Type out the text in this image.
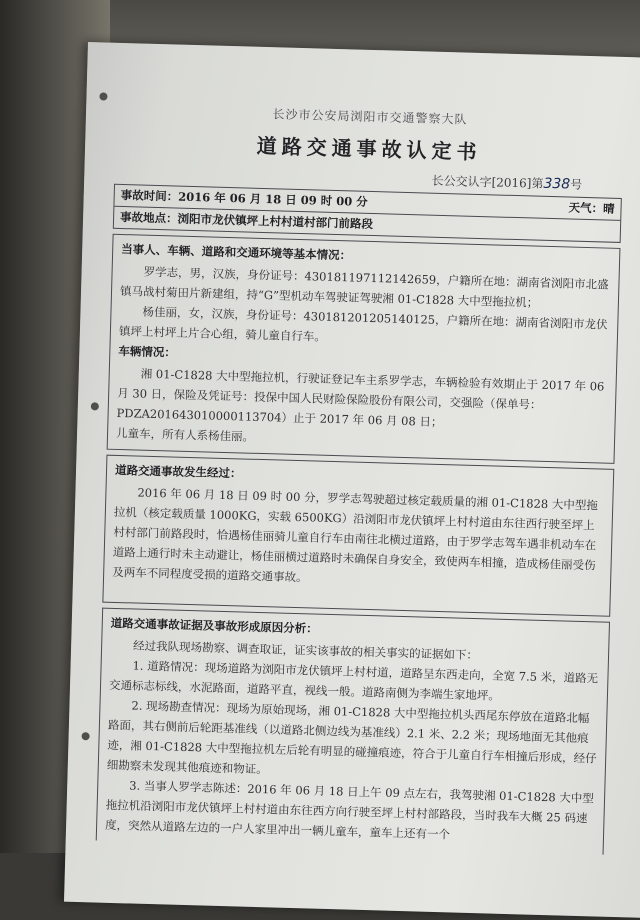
长沙市公安局浏阳市交通警察大队
道路交通事故认定书
长公交认字[2016]第338号
事故时间：2016 年 06 月 18 日 09 时 00 分	天气：晴
事故地点：浏阳市龙伏镇坪上村村道村部门前路段
当事人、车辆、道路和交通环境等基本情况：

罗学志，男，汉族，身份证号：430181197112142659，户籍所在地：湖南省浏阳市北盛镇马战村菊田片新建组，持“G”型机动车驾驶证驾驶湘 01-C1828 大中型拖拉机；

杨佳丽，女，汉族，身份证号：430181201205140125，户籍所在地：湖南省浏阳市龙伏镇坪上村坪上片合心组，骑儿童自行车。

车辆情况：

湘 01-C1828 大中型拖拉机，行驶证登记车主系罗学志，车辆检验有效期止于 2017 年 06 月 30 日，保险及凭证号：投保中国人民财险保险股份有限公司，交强险（保单号：PDZA201643010000113704）止于 2017 年 06 月 08 日；

儿童车，所有人系杨佳丽。

道路交通事故发生经过：

2016 年 06 月 18 日 09 时 00 分，罗学志驾驶超过核定载质量的湘 01-C1828 大中型拖拉机（核定载质量 1000KG，实载 6500KG）沿浏阳市龙伏镇坪上村村道由东往西行驶至坪上村村部门前路段时，恰遇杨佳丽骑儿童自行车由南往北横过道路，由于罗学志驾车遇非机动车在道路上通行时未主动避让，杨佳丽横过道路时未确保自身安全，致使两车相撞，造成杨佳丽受伤及两车不同程度受损的道路交通事故。

道路交通事故证据及事故形成原因分析：

经过我队现场勘察、调查取证，证实该事故的相关事实的证据如下：

1. 道路情况：现场道路为浏阳市龙伏镇坪上村村道，道路呈东西走向，全宽 7.5 米，道路无交通标志标线，水泥路面，道路平直，视线一般。道路南侧为李端生家地坪。

2. 现场勘查情况：现场为原始现场，湘 01-C1828 大中型拖拉机头西尾东停放在道路北幅路面，其右侧前后轮距基准线（以道路北侧边线为基准线）2.1 米、2.2 米；现场地面无其他痕迹，湘 01-C1828 大中型拖拉机左后轮有明显的碰撞痕迹，符合于儿童自行车相撞后形成，经仔细勘察未发现其他痕迹和物证。

3. 当事人罗学志陈述：2016 年 06 月 18 日上午 09 点左右，我驾驶湘 01-C1828 大中型拖拉机沿浏阳市龙伏镇坪上村村道由东往西方向行驶至坪上村村部路段，当时我车大概 25 码速度，突然从道路左边的一户人家里冲出一辆儿童车，童车上还有一个
